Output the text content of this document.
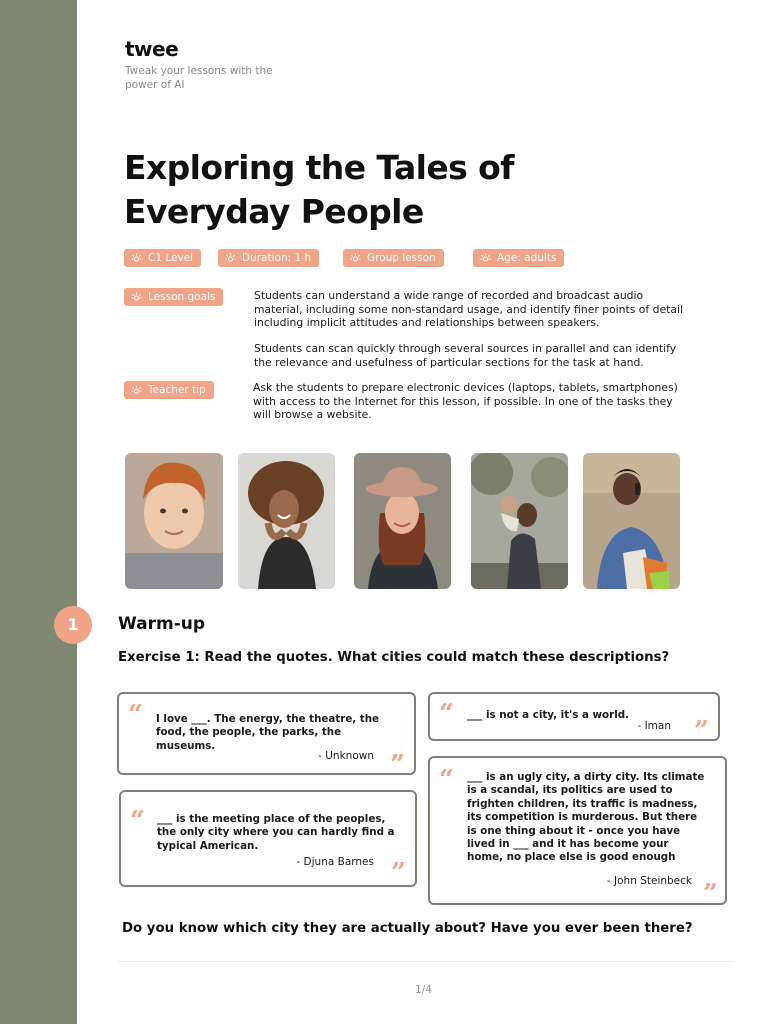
twee
Tweak your lessons with the power of AI
Exploring the Tales of Everyday People
C1 Level	Duration: 1 h	Group lesson	Age: adults
Lesson goals	Students can understand a wide range of recorded and broadcast audio material, including some non-standard usage, and identify finer points of detail including implicit attitudes and relationships between speakers.
Students can scan quickly through several sources in parallel and can identify the relevance and usefulness of particular sections for the task at hand.
Teacher tip	Ask the students to prepare electronic devices (laptops, tablets, smartphones) with access to the Internet for this lesson, if possible. In one of the tasks they will browse a website.
1	Warm-up
Exercise 1: Read the quotes. What cities could match these descriptions?
“ I love ___. The energy, the theatre, the food, the people, the parks, the museums.
- Unknown ”
“ ___ is not a city, it's a world.
- Iman ”
“ ___ is the meeting place of the peoples, the only city where you can hardly find a typical American.
- Djuna Barnes ”
“ ___ is an ugly city, a dirty city. Its climate is a scandal, its politics are used to frighten children, its traffic is madness, its competition is murderous. But there is one thing about it - once you have lived in ___ and it has become your home, no place else is good enough
- John Steinbeck ”
Do you know which city they are actually about? Have you ever been there?
1/4
